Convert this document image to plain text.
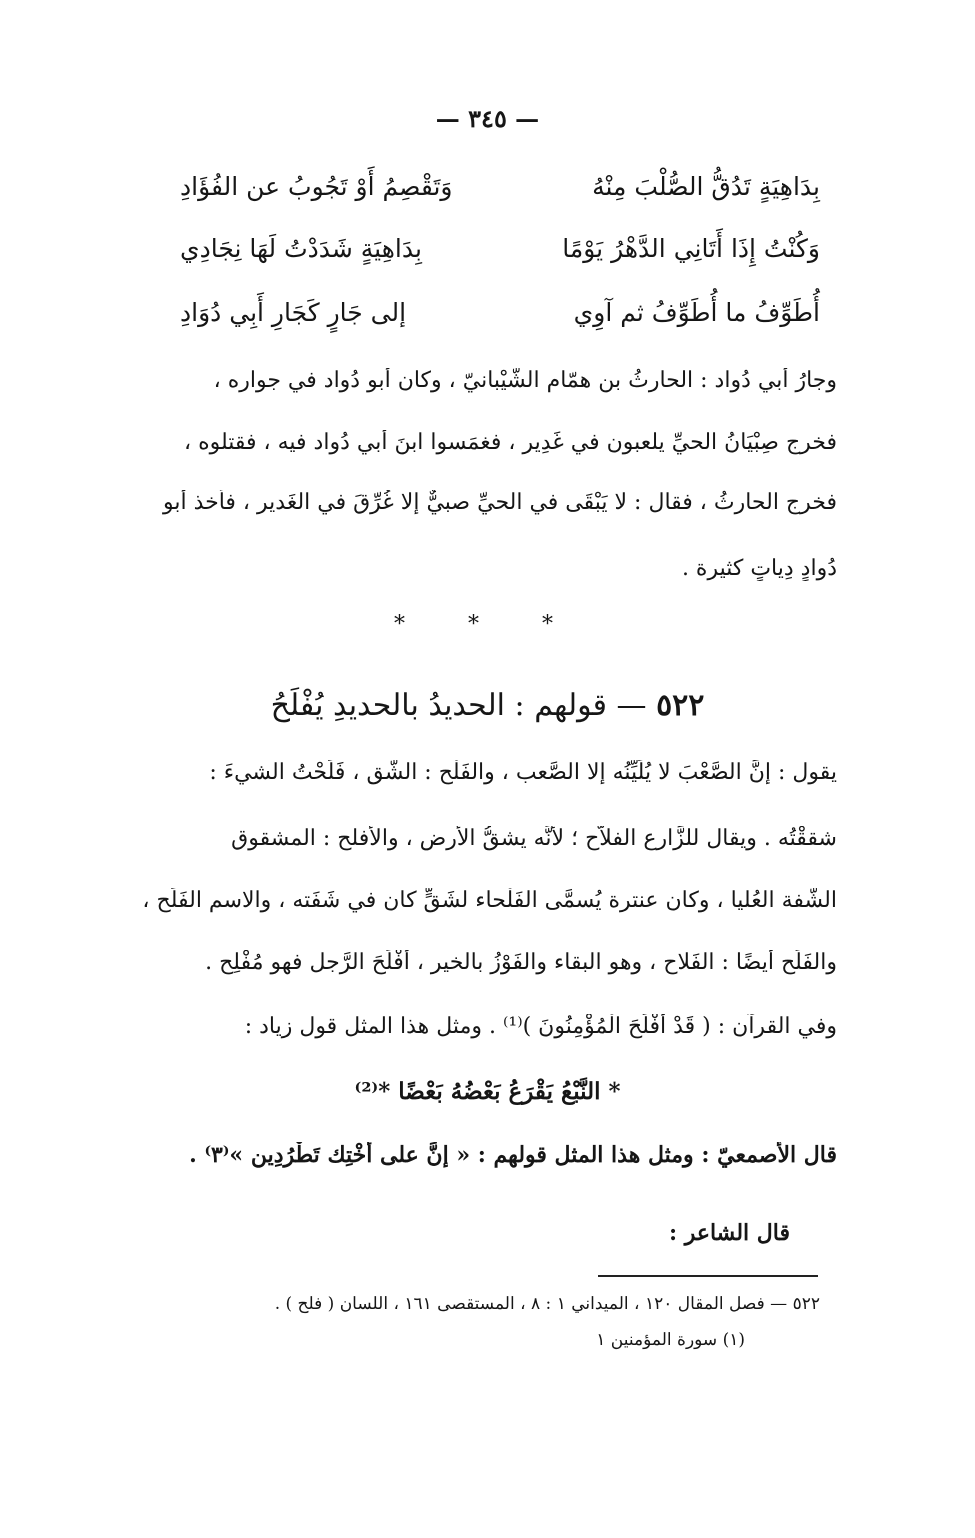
— ٣٤٥ —
وَتَقْصِمُ أَوْ تَجُوبُ عن الفُؤَادِ	بِدَاهِيَةٍ تَدُقُّ الصُّلْبَ مِنْهُ
وَكُنْتُ إِذَا أَتَانِي الدَّهْرُ يَوْمًا
بِدَاهِيَةٍ شَدَدْتُ لَهَا نِجَادِي
أُطَوِّفُ ما أُطَوِّفُ ثم آوِي
إلى جَارٍ كَجَارِ أَبِي دُوَادِ
وجارُ أبي دُواد : الحارثُ بن همّام الشَّيْبانيّ ، وكان أبو دُواد في جواره ،
فخرج صِبْيَانُ الحيِّ يلعبون في غَدِير ، فغمَسوا ابنَ أبي دُواد فيه ، فقتلوه ،
فخرج الحارثُ ، فقال : لا يَبْقَى في الحيِّ صبيٌّ إلا غُرِّقَ في الغَدير ، فأخذ أبو
دُوادٍ دِياتٍ كثيرة .
* * *
٥٢٢ — قولهم : الحديدُ بالحديدِ يُفْلَحُ
يقول : إنَّ الصَّعْبَ لا يُلَيِّنُه إلا الصَّعب ، والفَلْح : الشَّق ، فَلَحْتُ الشيءَ :
شققْتُه . ويقال للزَّارع الفلاّح ؛ لأنَّه يشقُّ الأرض ، والأفلح : المشقوق
الشَّفة العُليا ، وكان عنترة يُسمَّى الفَلْحاء لشَقٍّ كان في شَفَته ، والاسم الفَلَح ،
والفَلَح أيضًا : الفَلاح ، وهو البقاء والفَوْزُ بالخير ، أَفْلَحَ الرَّجل فهو مُفْلِح .
وفي القرآن : ( قَدْ أَفْلَحَ الْمُؤْمِنُونَ )⁽¹⁾ . ومثل هذا المثل قول زياد :
* النَّبْعُ يَقْرَعُ بَعْضُهُ بَعْضًا *⁽²⁾
قال الأصمعيّ : ومثل هذا المثل قولهم : « إنَّ على أَخْتِك تَطْرُدِين »⁽٣⁾ .
قال الشاعر :
٥٢٢ — فصل المقال ١٢٠ ، الميداني ١ : ٨ ، المستقصى ١٦١ ، اللسان ( فلح ) .
(١) سورة المؤمنين ١
